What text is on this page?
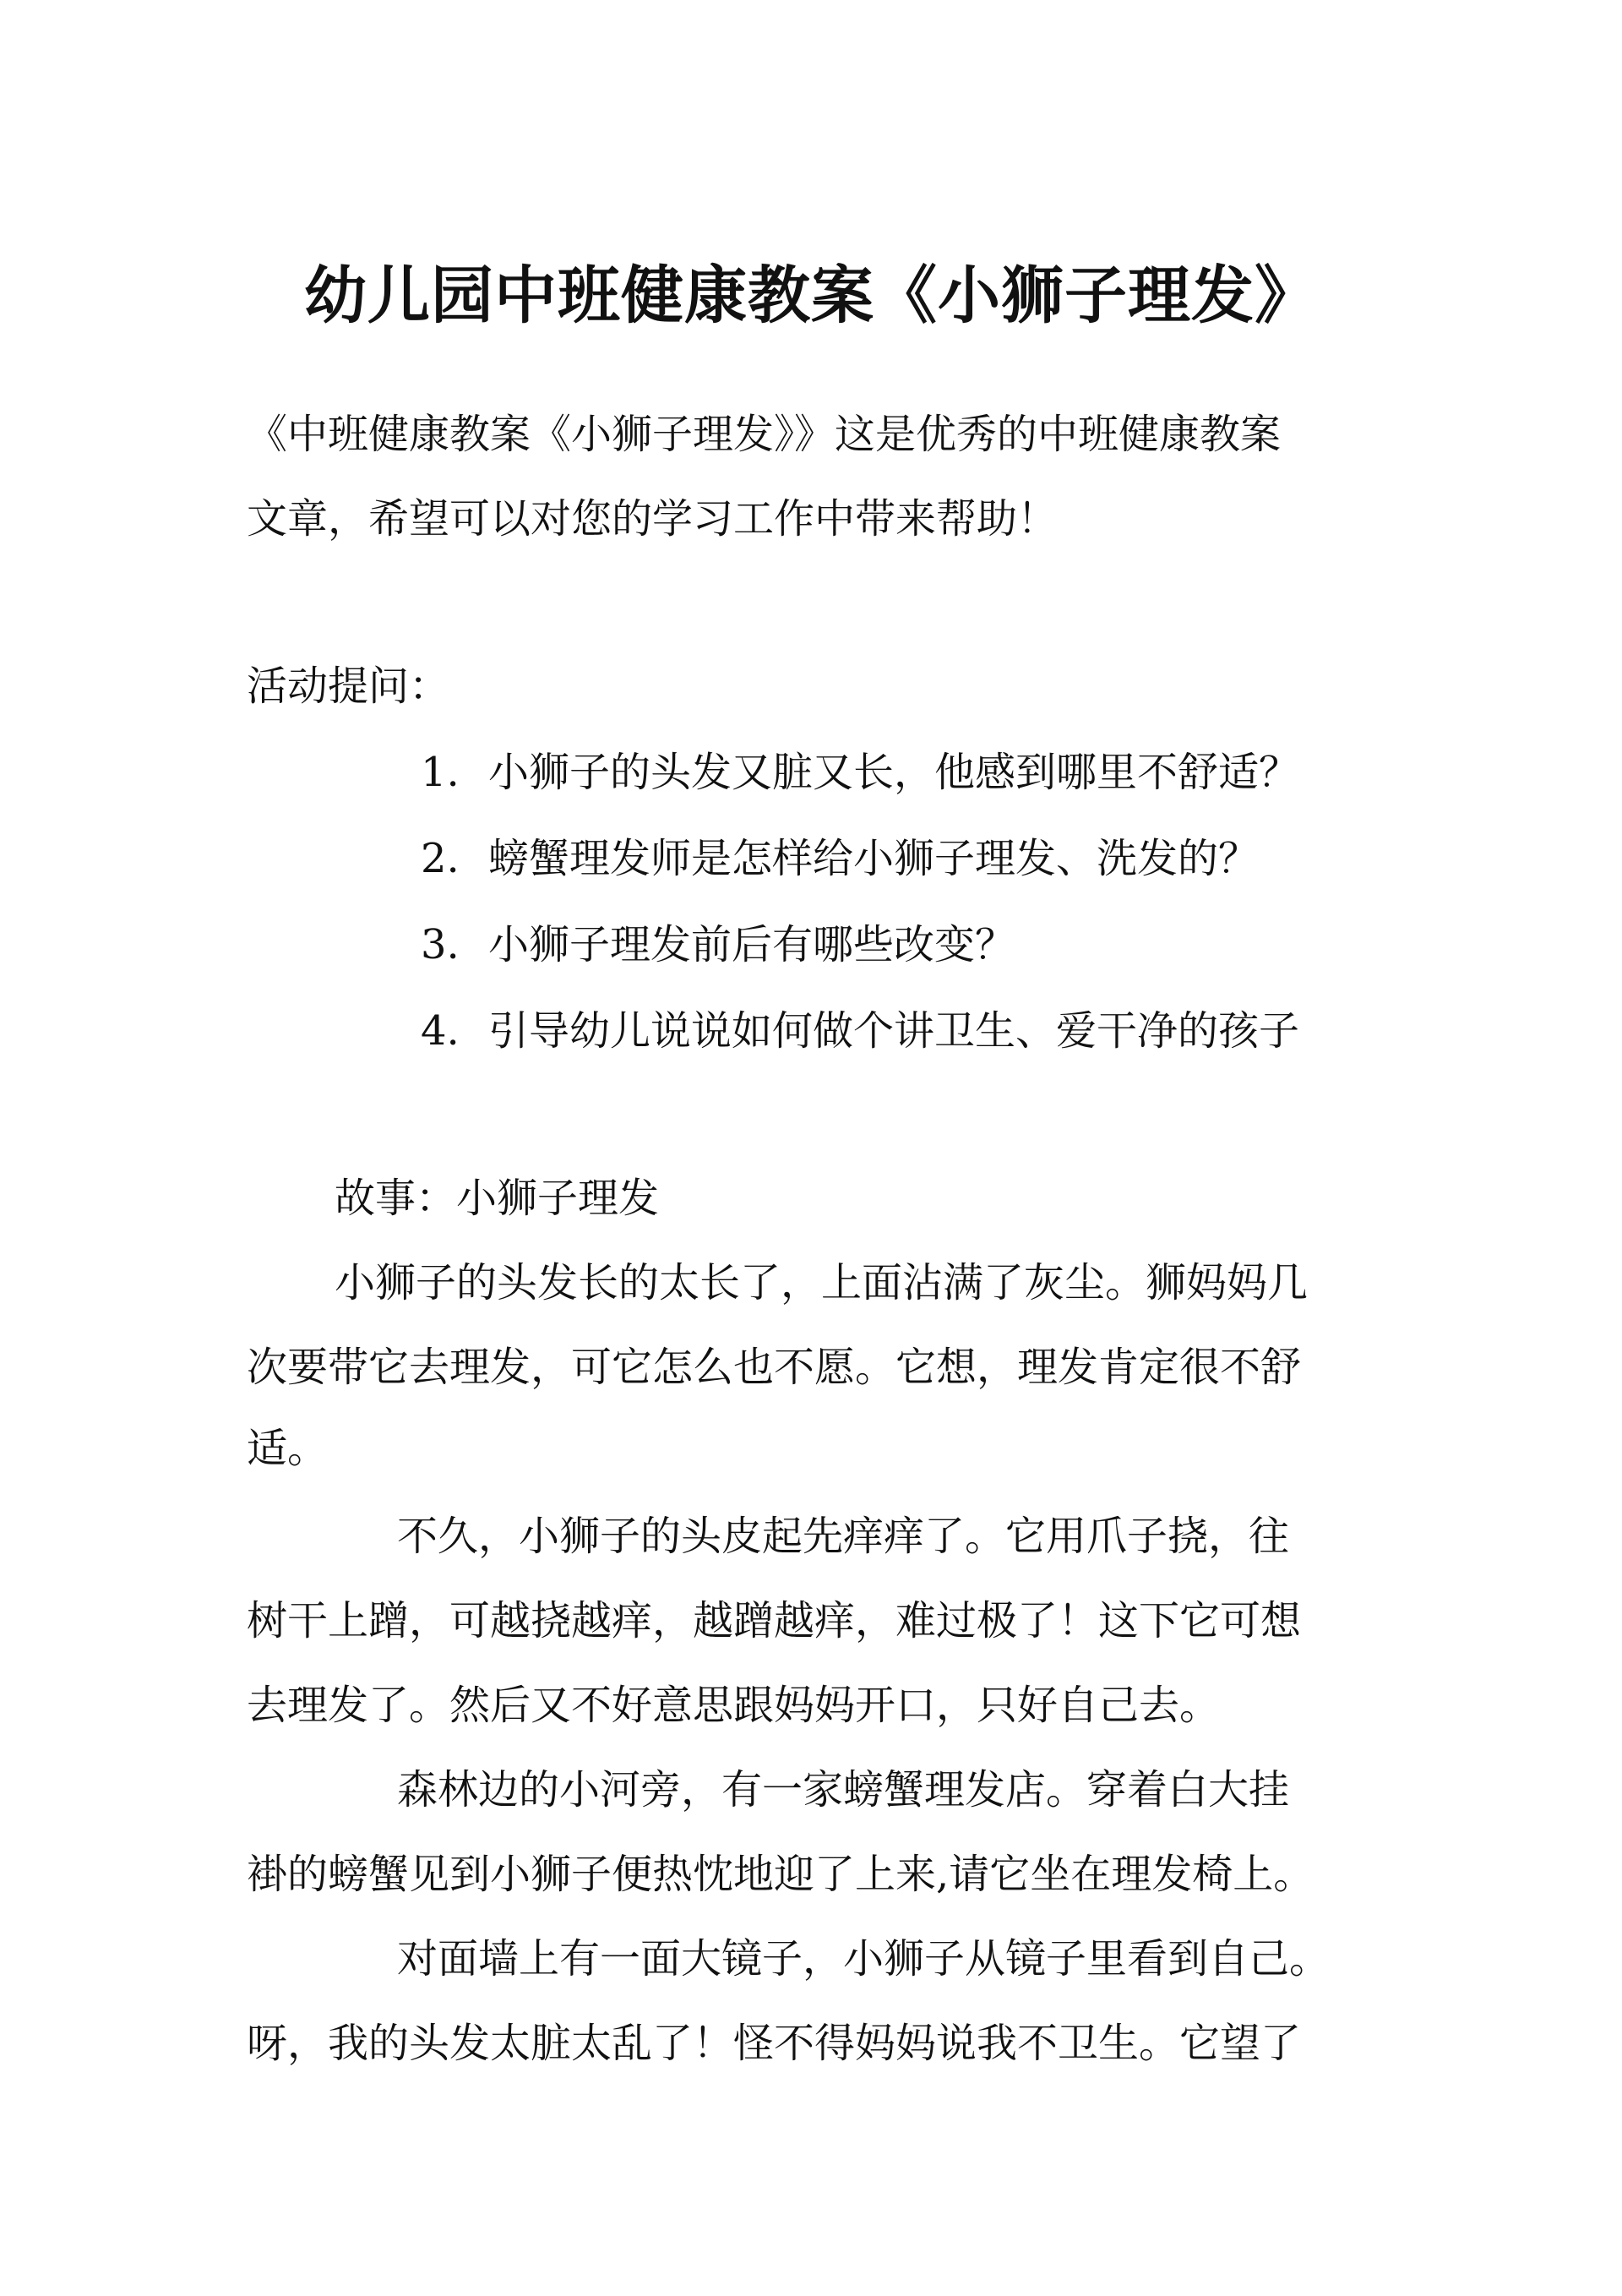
幼儿园中班健康教案《小狮子理发》
《中班健康教案《小狮子理发》》这是优秀的中班健康教案
文章，希望可以对您的学习工作中带来帮助！
活动提问：
1. 小狮子的头发又脏又长，他感到哪里不舒适？
2. 螃蟹理发师是怎样给小狮子理发、洗发的？
3. 小狮子理发前后有哪些改变？
4. 引导幼儿说说如何做个讲卫生、爱干净的孩子
故事：小狮子理发
小狮子的头发长的太长了，上面沾满了灰尘。狮妈妈几
次要带它去理发，可它怎么也不愿。它想，理发肯定很不舒
适。
不久，小狮子的头皮起先痒痒了。它用爪子挠，往
树干上蹭，可越挠越痒，越蹭越痒，难过极了！这下它可想
去理发了。然后又不好意思跟妈妈开口，只好自己去。
森林边的小河旁，有一家螃蟹理发店。穿着白大挂
褂的螃蟹见到小狮子便热忱地迎了上来,请它坐在理发椅上。
对面墙上有一面大镜子，小狮子从镜子里看到自己。
呀，我的头发太脏太乱了！怪不得妈妈说我不卫生。它望了
